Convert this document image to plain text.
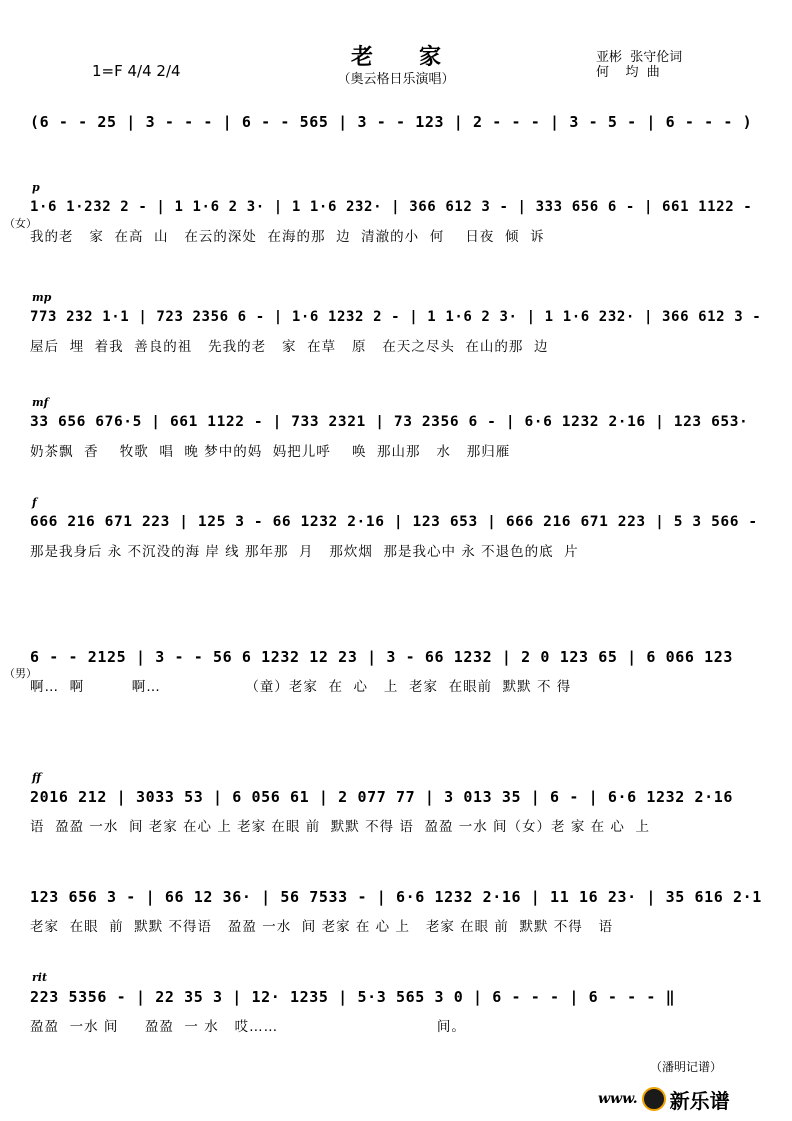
老家
（奥云格日乐演唱）
1=F 4/4 2/4
亚彬  张守伦词
何    均  曲
(6 - - 25 | 3 - - - | 6 - - 565 | 3 - - 123 | 2 - - - | 3 - 5 - | 6 - - - )
1·6 1·232 2 - | 1 1·6 2 3· | 1 1·6 232· | 366 612 3 - | 333 656 6 - | 661 1122 -
我的老   家  在高  山   在云的深处  在海的那  边  清澈的小  何    日夜  倾  诉
p
（女）
773 232 1·1 | 723 2356 6 - | 1·6 1232 2 - | 1 1·6 2 3· | 1 1·6 232· | 366 612 3 -
屋后  埋  着我  善良的祖   先我的老   家  在草   原   在天之尽头  在山的那  边
mp
33 656 676·5 | 661 1122 - | 733 2321 | 73 2356 6 - | 6·6 1232 2·16 | 123 653·
奶茶飘  香    牧歌  唱  晚 梦中的妈  妈把儿呼    唤  那山那   水   那归雁
mf
666 216 671 223 | 125 3 - 66 1232 2·16 | 123 653 | 666 216 671 223 | 5 3 566 -
那是我身后 永 不沉没的海 岸 线 那年那  月   那炊烟  那是我心中 永 不退色的底  片
f
6 - - 2125 | 3 - - 56 6 1232 12 23 | 3 - 66 1232 | 2 0 123 65 | 6 066 123
啊…  啊         啊…                （童）老家  在  心   上  老家  在眼前  默默 不 得
（男）
2016 212 | 3033 53 | 6 056 61 | 2 077 77 | 3 013 35 | 6 - | 6·6 1232 2·16
语  盈盈 一水  间 老家 在心 上 老家 在眼 前  默默 不得 语  盈盈 一水 间（女）老 家 在 心  上
ff
123 656 3 - | 66 12 36· | 56 7533 - | 6·6 1232 2·16 | 11 16 23· | 35 616 2·1
老家  在眼  前  默默 不得语   盈盈 一水  间 老家 在 心 上   老家 在眼 前  默默 不得   语
223 5356 - | 22 35 3 | 12· 1235 | 5·3 565 3 0 | 6 - - - | 6 - - - ‖
盈盈  一水 间     盈盈  一 水   哎……                              间。
rit
（潘明记谱）
www. 新乐谱
